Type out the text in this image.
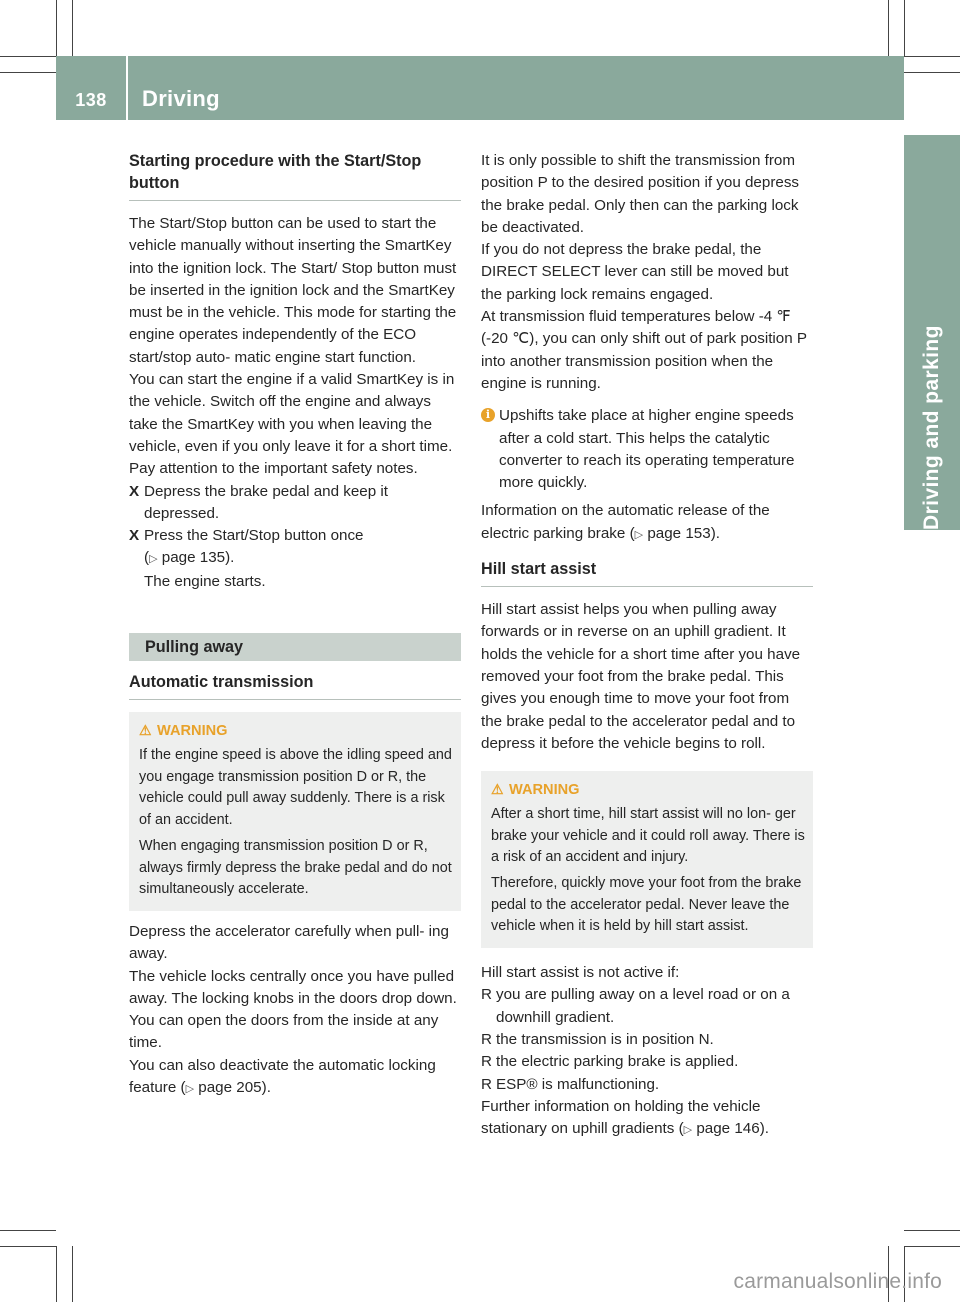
138	Driving
Driving and parking
Starting procedure with the Start/Stop button

The Start/Stop button can be used to start the vehicle manually without inserting the SmartKey into the ignition lock. The Start/ Stop button must be inserted in the ignition lock and the SmartKey must be in the vehicle. This mode for starting the engine operates independently of the ECO start/stop auto- matic engine start function.

You can start the engine if a valid SmartKey is in the vehicle. Switch off the engine and always take the SmartKey with you when leaving the vehicle, even if you only leave it for a short time. Pay attention to the important safety notes.

X Depress the brake pedal and keep it depressed.
X Press the Start/Stop button once
(▷ page 135).
The engine starts.
Pulling away
Automatic transmission
⚠ WARNING

If the engine speed is above the idling speed and you engage transmission position D or R, the vehicle could pull away suddenly. There is a risk of an accident.

When engaging transmission position D or R, always firmly depress the brake pedal and do not simultaneously accelerate.

Depress the accelerator carefully when pull- ing away.

The vehicle locks centrally once you have pulled away. The locking knobs in the doors drop down.

You can open the doors from the inside at any time.

You can also deactivate the automatic locking feature (▷ page 205).

It is only possible to shift the transmission from position P to the desired position if you depress the brake pedal. Only then can the parking lock be deactivated.

If you do not depress the brake pedal, the DIRECT SELECT lever can still be moved but the parking lock remains engaged.

At transmission fluid temperatures below -4 ℉ (-20 ℃), you can only shift out of park position P into another transmission position when the engine is running.

i Upshifts take place at higher engine speeds after a cold start. This helps the catalytic converter to reach its operating temperature more quickly.

Information on the automatic release of the electric parking brake (▷ page 153).

Hill start assist

Hill start assist helps you when pulling away forwards or in reverse on an uphill gradient. It holds the vehicle for a short time after you have removed your foot from the brake pedal. This gives you enough time to move your foot from the brake pedal to the accelerator pedal and to depress it before the vehicle begins to roll.

⚠ WARNING

After a short time, hill start assist will no lon- ger brake your vehicle and it could roll away. There is a risk of an accident and injury.

Therefore, quickly move your foot from the brake pedal to the accelerator pedal. Never leave the vehicle when it is held by hill start assist.

Hill start assist is not active if:

R you are pulling away on a level road or on a downhill gradient.
R the transmission is in position N.
R the electric parking brake is applied.
R ESP® is malfunctioning.

Further information on holding the vehicle stationary on uphill gradients (▷ page 146).

carmanualsonline.info
